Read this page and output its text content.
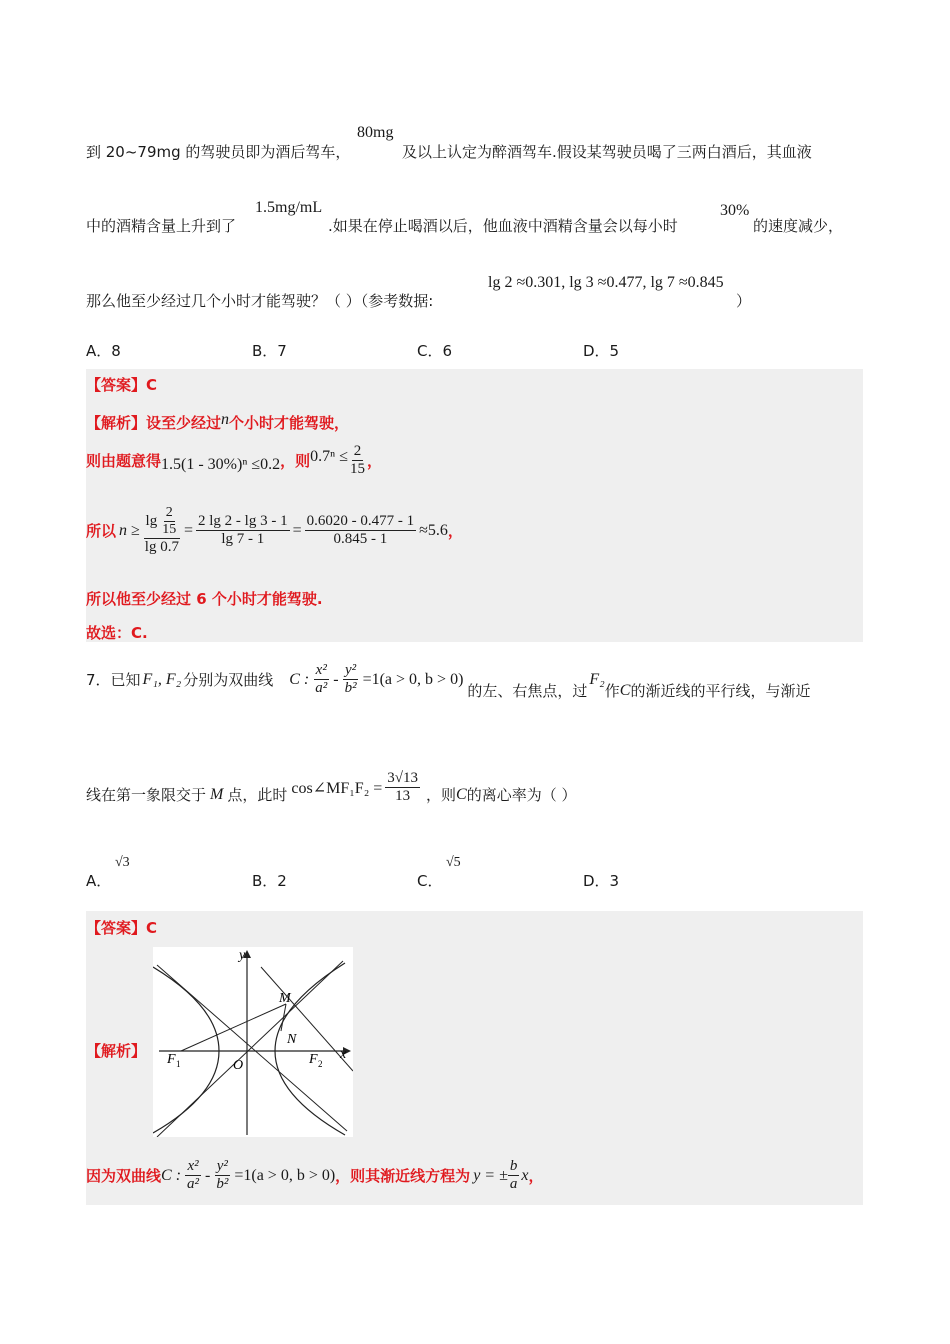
到 20~79mg 的驾驶员即为酒后驾车，
80mg
及以上认定为醉酒驾车.假设某驾驶员喝了三两白酒后，其血液
中的酒精含量上升到了
1.5mg/mL
.如果在停止喝酒以后，他血液中酒精含量会以每小时
30%
的速度减少，
那么他至少经过几个小时才能驾驶？（ ）（参考数据:
lg 2 ≈0.301, lg 3 ≈0.477, lg 7 ≈0.845
）
A．8	B．7	C．6	D．5
【答案】C
【解析】设至少经过n个小时才能驾驶，
则由题意得 1.5(1 - 30%)ⁿ ≤0.2 ，则 $0.7^n \le \frac{2}{15}$ ，
所以 $n \ge \frac{\lg \frac{2}{15}}{\lg 0.7} = \frac{2 \lg 2 - \lg 3 - 1}{\lg 7 - 1} = \frac{0.6020 - 0.477 - 1}{0.845 - 1} \approx 5.6$ ，
所以他至少经过 6 个小时才能驾驶.
故选：C.
7．已知 F₁, F₂ 分别为双曲线 C : $\frac{\text{x²}}{\text{a²}} - \frac{\text{y²}}{\text{b²}} =1(a > 0$, b > 0)
的左、右焦点，过
F₂
作 C 的渐近线的平行线，与渐近
线在第一象限交于 M 点，此时 cos∠MF₁F₂ = $\frac{3√13}{13}$ ，则 C 的离心率为（ ）
A．
√3
B．2	C．
√5
D．3
【答案】C
【解析】
y
x
M
N
O
F 1	F 2
因为双曲线 C : $\frac{\text{x²}}{\text{a²}} - \frac{\text{y²}}{\text{b²}} =1(a > 0$, b > 0) ，则其渐近线方程为 y = ± $\frac{b}{a}$ x ，
